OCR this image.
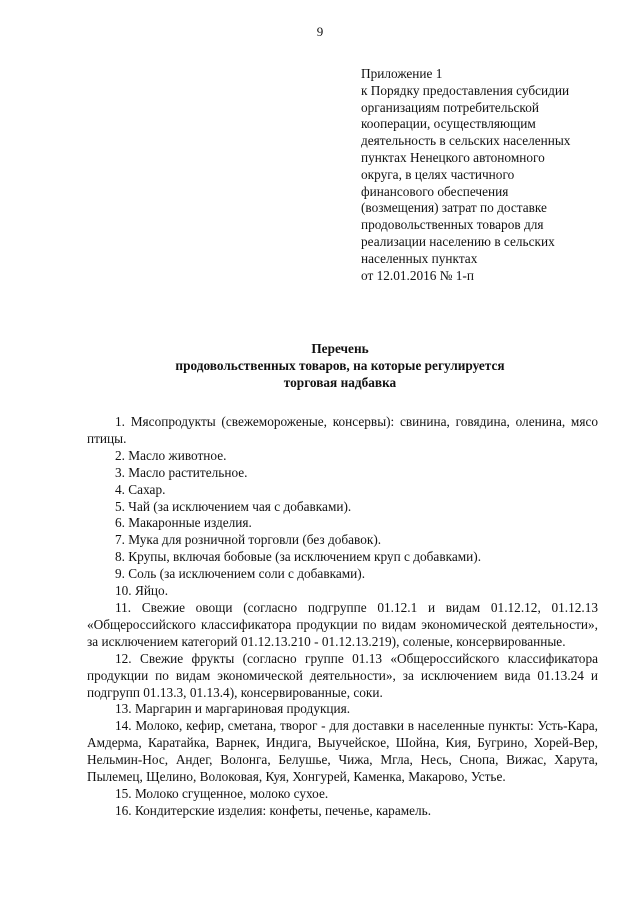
9
Приложение 1
к Порядку предоставления субсидии
организациям потребительской
кооперации, осуществляющим
деятельность в сельских населенных
пунктах Ненецкого автономного
округа, в целях частичного
финансового обеспечения
(возмещения) затрат по доставке
продовольственных товаров для
реализации населению в сельских
населенных пунктах
от 12.01.2016 № 1-п
Перечень
продовольственных товаров, на которые регулируется
торговая надбавка

1. Мясопродукты (свежемороженые, консервы): свинина, говядина, оленина, мясо птицы.

2. Масло животное.

3. Масло растительное.

4. Сахар.

5. Чай (за исключением чая с добавками).

6. Макаронные изделия.

7. Мука для розничной торговли (без добавок).

8. Крупы, включая бобовые (за исключением круп с добавками).

9. Соль (за исключением соли с добавками).

10. Яйцо.

11. Свежие овощи (согласно подгруппе 01.12.1 и видам 01.12.12, 01.12.13 «Общероссийского классификатора продукции по видам экономической деятельности», за исключением категорий 01.12.13.210 - 01.12.13.219), соленые, консервированные.

12. Свежие фрукты (согласно группе 01.13 «Общероссийского классификатора продукции по видам экономической деятельности», за исключением вида 01.13.24 и подгрупп 01.13.3, 01.13.4), консервированные, соки.

13. Маргарин и маргариновая продукция.

14. Молоко, кефир, сметана, творог - для доставки в населенные пункты: Усть-Кара, Амдерма, Каратайка, Варнек, Индига, Выучейское, Шойна, Кия, Бугрино, Хорей-Вер, Нельмин-Нос, Андег, Волонга, Белушье, Чижа, Мгла, Несь, Снопа, Вижас, Харута, Пылемец, Щелино, Волоковая, Куя, Хонгурей, Каменка, Макарово, Устье.

15. Молоко сгущенное, молоко сухое.

16. Кондитерские изделия: конфеты, печенье, карамель.
